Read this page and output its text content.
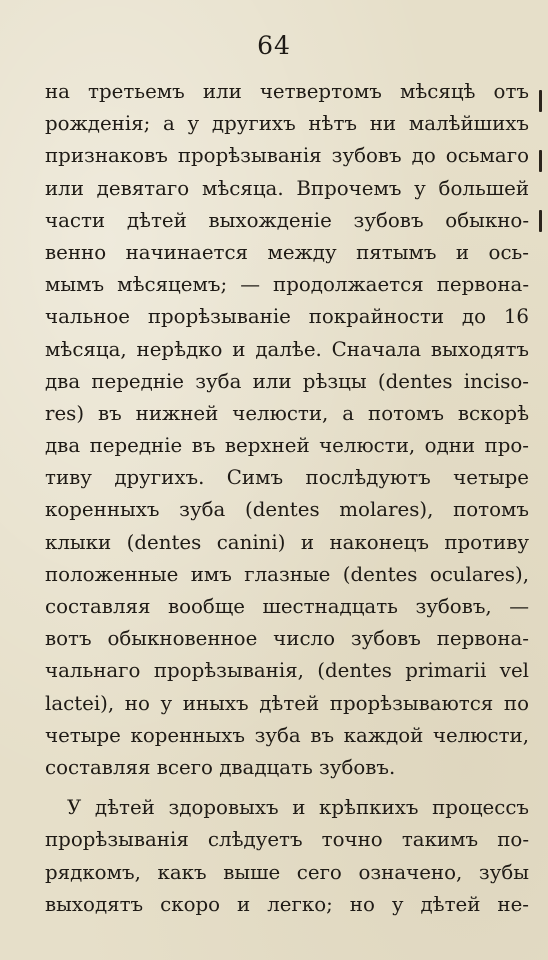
64
на третьемъ или четвертомъ мѣсяцѣ отъ
рожденія; а у другихъ нѣтъ ни малѣйшихъ
признаковъ прорѣзыванія зубовъ до осьмаго
или девятаго мѣсяца. Впрочемъ у большей
части дѣтей выхожденіе зубовъ обыкно-
венно начинается между пятымъ и ось-
мымъ мѣсяцемъ; — продолжается первона-
чальное прорѣзываніе покрайности до 16
мѣсяца, нерѣдко и далѣе. Сначала выходятъ
два переднie зуба или рѣзцы (dentes inciso-
res) въ нижней челюсти, а потомъ вскорѣ
два передніе въ верхней челюсти, одни про-
тиву другихъ. Симъ послѣдуютъ четыре
коренныхъ зуба (dentes molares), потомъ
клыки (dentes canini) и наконецъ противу
положенные имъ глазные (dentes oculares),
составляя вообще шестнадцать зубовъ, —
вотъ обыкновенное число зубовъ первона-
чальнаго прорѣзыванія, (dentes primarii vel
lactei), но у иныхъ дѣтей прорѣзываются по
четыре коренныхъ зуба въ каждой челюсти,
составляя всего двадцать зубовъ.
У дѣтей здоровыхъ и крѣпкихъ процессъ
прорѣзыванія слѣдуетъ точно такимъ по-
рядкомъ, какъ выше сего означено, зубы
выходятъ скоро и легко; но у дѣтей не-
